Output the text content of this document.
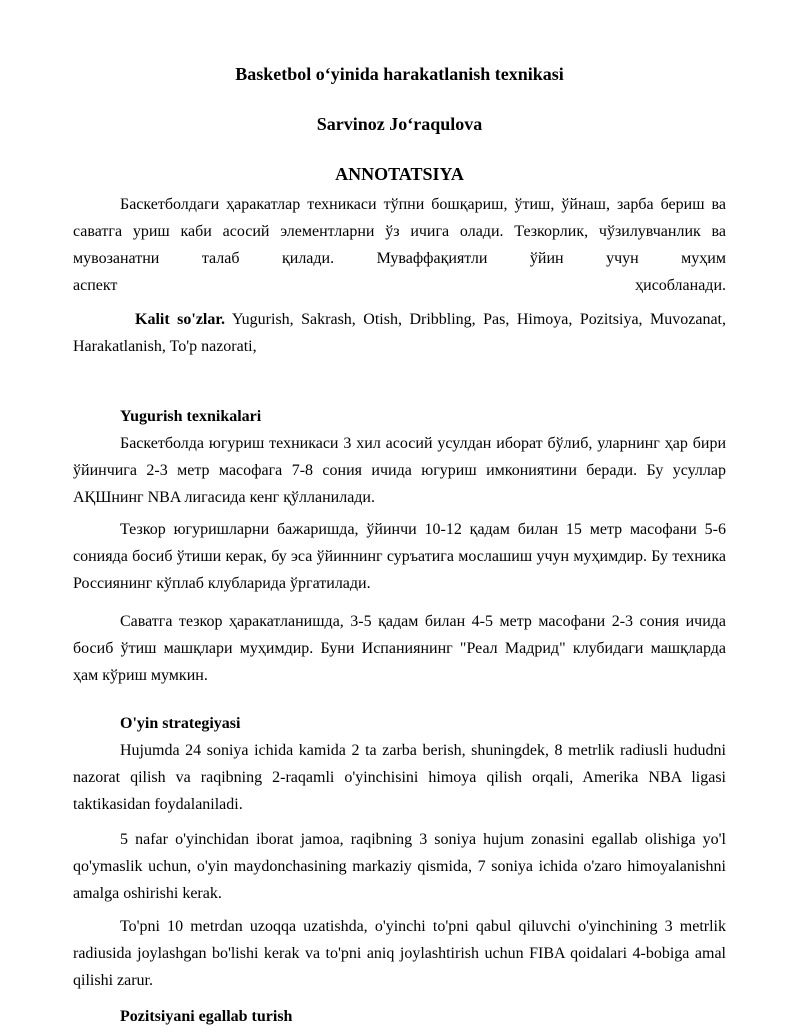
Basketbol oʻyinida harakatlanish texnikasi
Sarvinoz Joʻraqulova
ANNOTATSIYA

Баскетболдаги ҳаракатлар техникаси тўпни бошқариш, ўтиш, ўйнаш, зарба бериш ва саватга уриш каби асосий элементларни ўз ичига олади. Тезкорлик, чўзилувчанлик ва мувозанатни талаб қилади. Муваффақиятли ўйин учун муҳим

аспект	ҳисобланади.

Kalit so'zlar. Yugurish, Sakrash, Otish, Dribbling, Pas, Himoya, Pozitsiya, Muvozanat, Harakatlanish, To'p nazorati,

Yugurish texnikalari

Баскетболда югуриш техникаси 3 хил асосий усулдан иборат бўлиб, уларнинг ҳар бири ўйинчига 2-3 метр масофага 7-8 сония ичида югуриш имкониятини беради. Бу усуллар АҚШнинг NBA лигасида кенг қўлланилади.

Тезкор югуришларни бажаришда, ўйинчи 10-12 қадам билан 15 метр масофани 5-6 сонияда босиб ўтиши керак, бу эса ўйиннинг суръатига мослашиш учун муҳимдир. Бу техника Россиянинг кўплаб клубларида ўргатилади.

Саватга тезкор ҳаракатланишда, 3-5 қадам билан 4-5 метр масофани 2-3 сония ичида босиб ўтиш машқлари муҳимдир. Буни Испаниянинг "Реал Мадрид" клубидаги машқларда ҳам кўриш мумкин.

O'yin strategiyasi

Hujumda 24 soniya ichida kamida 2 ta zarba berish, shuningdek, 8 metrlik radiusli hududni nazorat qilish va raqibning 2-raqamli o'yinchisini himoya qilish orqali, Amerika NBA ligasi taktikasidan foydalaniladi.

5 nafar o'yinchidan iborat jamoa, raqibning 3 soniya hujum zonasini egallab olishiga yo'l qo'ymaslik uchun, o'yin maydonchasining markaziy qismida, 7 soniya ichida o'zaro himoyalanishni amalga oshirishi kerak.

To'pni 10 metrdan uzoqqa uzatishda, o'yinchi to'pni qabul qiluvchi o'yinchining 3 metrlik radiusida joylashgan bo'lishi kerak va to'pni aniq joylashtirish uchun FIBA qoidalari 4-bobiga amal qilishi zarur.

Pozitsiyani egallab turish
